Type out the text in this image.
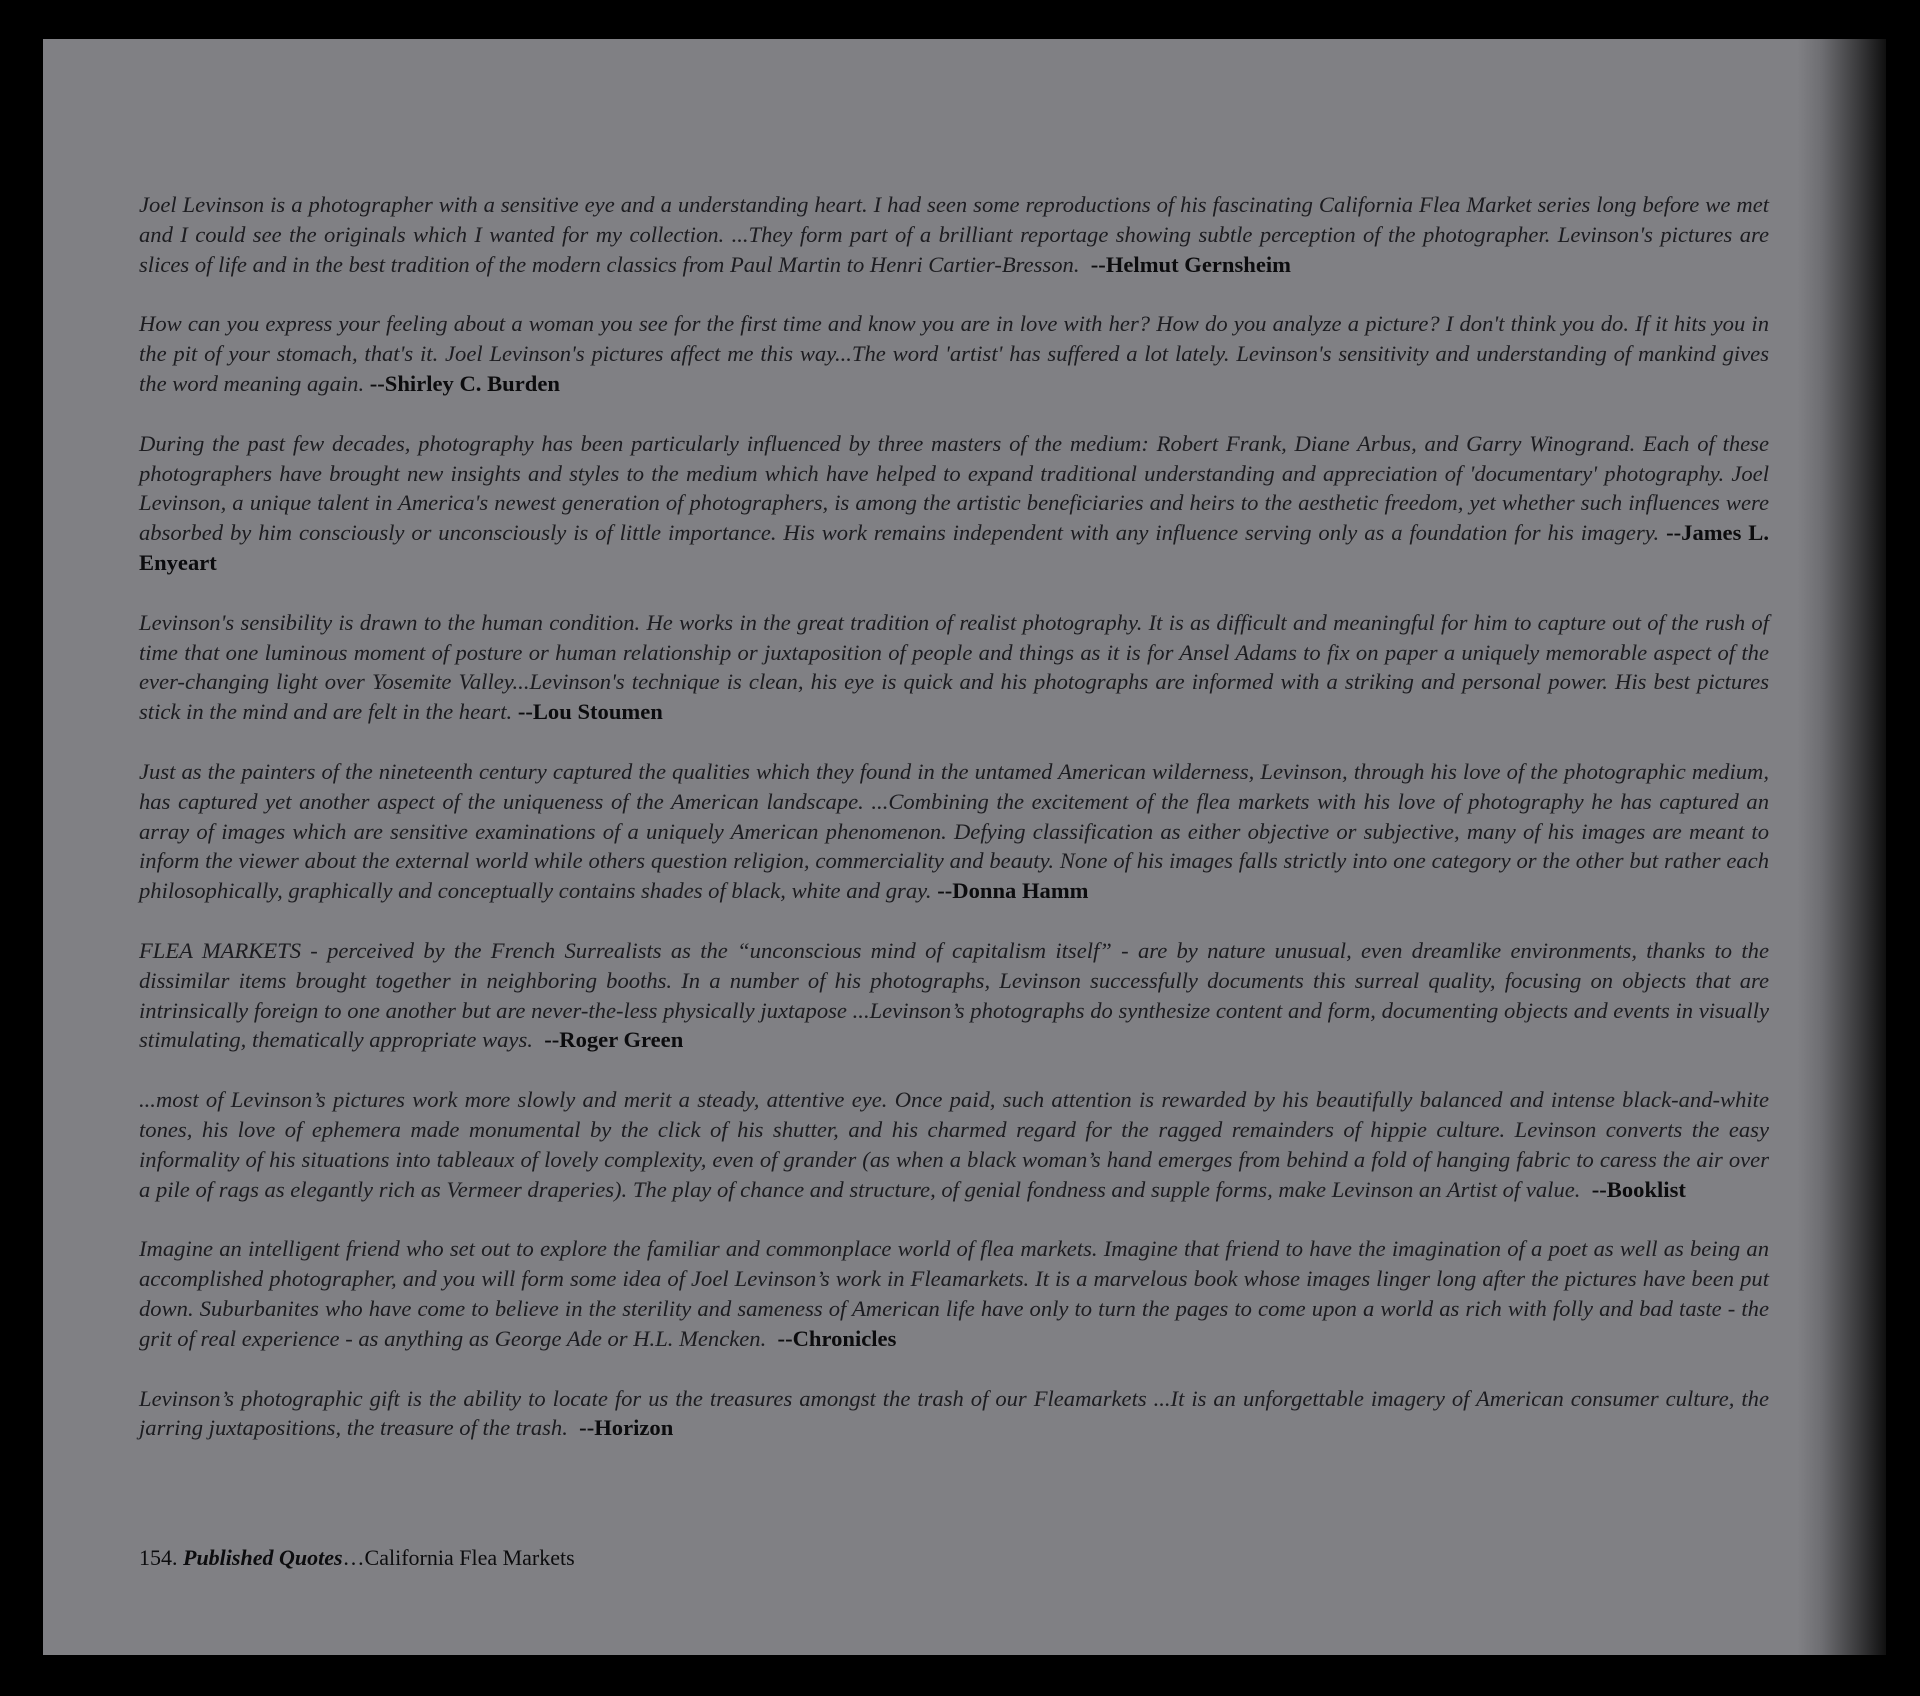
Joel Levinson is a photographer with a sensitive eye and a understanding heart. I had seen some reproductions of his fascinating California Flea Market series long before we met and I could see the originals which I wanted for my collection. ...They form part of a brilliant reportage showing subtle perception of the photographer. Levinson's pictures are slices of life and in the best tradition of the modern classics from Paul Martin to Henri Cartier-Bresson. --Helmut Gernsheim

How can you express your feeling about a woman you see for the first time and know you are in love with her? How do you analyze a picture? I don't think you do. If it hits you in the pit of your stomach, that's it. Joel Levinson's pictures affect me this way...The word 'artist' has suffered a lot lately. Levinson's sensitivity and understanding of mankind gives the word meaning again. --Shirley C. Burden

During the past few decades, photography has been particularly influenced by three masters of the medium: Robert Frank, Diane Arbus, and Garry Winogrand. Each of these photographers have brought new insights and styles to the medium which have helped to expand traditional understanding and appreciation of 'documentary' photography. Joel Levinson, a unique talent in America's newest generation of photographers, is among the artistic beneficiaries and heirs to the aesthetic freedom, yet whether such influences were absorbed by him consciously or unconsciously is of little importance. His work remains independent with any influence serving only as a foundation for his imagery. --James L. Enyeart

Levinson's sensibility is drawn to the human condition. He works in the great tradition of realist photography. It is as difficult and meaningful for him to capture out of the rush of time that one luminous moment of posture or human relationship or juxtaposition of people and things as it is for Ansel Adams to fix on paper a uniquely memorable aspect of the ever-changing light over Yosemite Valley...Levinson's technique is clean, his eye is quick and his photographs are informed with a striking and personal power. His best pictures stick in the mind and are felt in the heart. --Lou Stoumen

Just as the painters of the nineteenth century captured the qualities which they found in the untamed American wilderness, Levinson, through his love of the photographic medium, has captured yet another aspect of the uniqueness of the American landscape. ...Combining the excitement of the flea markets with his love of photography he has captured an array of images which are sensitive examinations of a uniquely American phenomenon. Defying classification as either objective or subjective, many of his images are meant to inform the viewer about the external world while others question religion, commerciality and beauty. None of his images falls strictly into one category or the other but rather each philosophically, graphically and conceptually contains shades of black, white and gray. --Donna Hamm

FLEA MARKETS - perceived by the French Surrealists as the “unconscious mind of capitalism itself” - are by nature unusual, even dreamlike environments, thanks to the dissimilar items brought together in neighboring booths. In a number of his photographs, Levinson successfully documents this surreal quality, focusing on objects that are intrinsically foreign to one another but are never-the-less physically juxtapose ...Levinson’s photographs do synthesize content and form, documenting objects and events in visually stimulating, thematically appropriate ways. --Roger Green

...most of Levinson’s pictures work more slowly and merit a steady, attentive eye. Once paid, such attention is rewarded by his beautifully balanced and intense black-and-white tones, his love of ephemera made monumental by the click of his shutter, and his charmed regard for the ragged remainders of hippie culture. Levinson converts the easy informality of his situations into tableaux of lovely complexity, even of grander (as when a black woman’s hand emerges from behind a fold of hanging fabric to caress the air over a pile of rags as elegantly rich as Vermeer draperies). The play of chance and structure, of genial fondness and supple forms, make Levinson an Artist of value. --Booklist

Imagine an intelligent friend who set out to explore the familiar and commonplace world of flea markets. Imagine that friend to have the imagination of a poet as well as being an accomplished photographer, and you will form some idea of Joel Levinson’s work in Fleamarkets. It is a marvelous book whose images linger long after the pictures have been put down. Suburbanites who have come to believe in the sterility and sameness of American life have only to turn the pages to come upon a world as rich with folly and bad taste - the grit of real experience - as anything as George Ade or H.L. Mencken. --Chronicles

Levinson’s photographic gift is the ability to locate for us the treasures amongst the trash of our Fleamarkets ...It is an unforgettable imagery of American consumer culture, the jarring juxtapositions, the treasure of the trash. --Horizon

154. Published Quotes…California Flea Markets
